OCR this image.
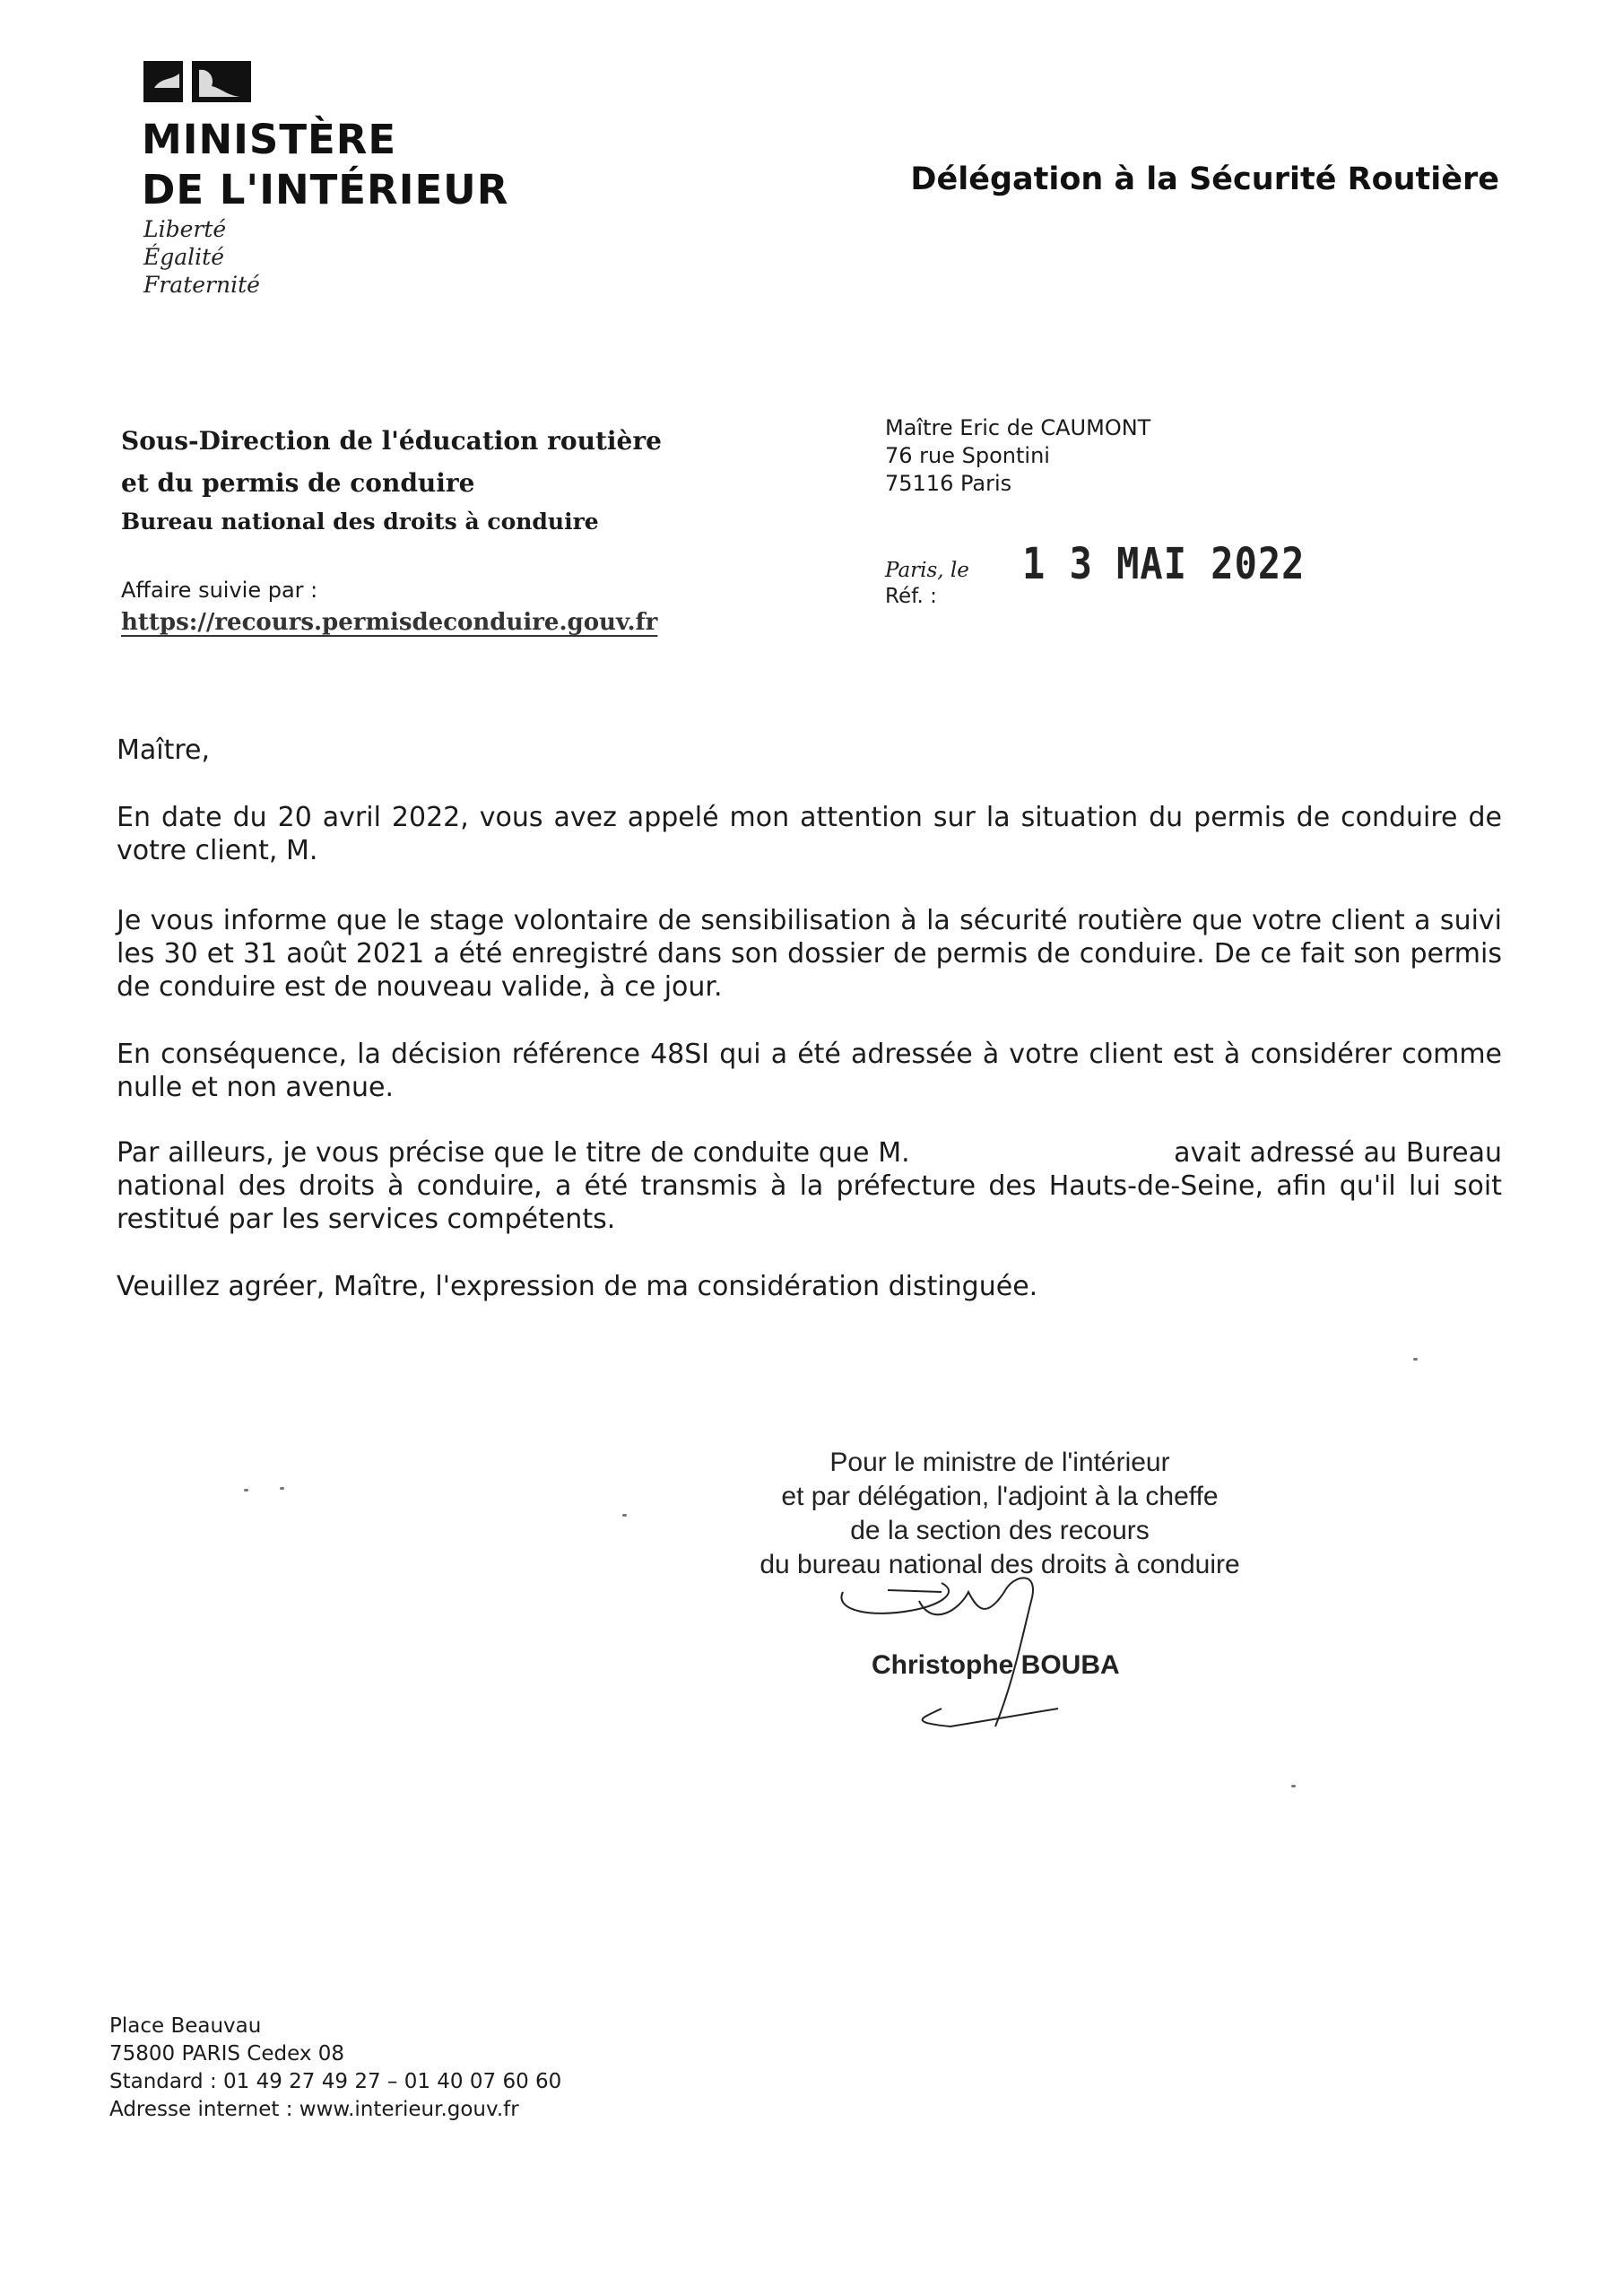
MINISTÈRE
DE L'INTÉRIEUR
Liberté
Égalité
Fraternité
Délégation à la Sécurité Routière
Sous-Direction de l'éducation routière
et du permis de conduire
Bureau national des droits à conduire
Affaire suivie par :
https://recours.permisdeconduire.gouv.fr
Maître Eric de CAUMONT
76 rue Spontini
75116 Paris
Paris, le
Réf. :
1 3 MAI 2022
Maître,
En date du 20 avril 2022, vous avez appelé mon attention sur la situation du permis de conduire de votre client, M.
Je vous informe que le stage volontaire de sensibilisation à la sécurité routière que votre client a suivi les 30 et 31 août 2021 a été enregistré dans son dossier de permis de conduire. De ce fait son permis de conduire est de nouveau valide, à ce jour.
En conséquence, la décision référence 48SI qui a été adressée à votre client est à considérer comme nulle et non avenue.
Par ailleurs, je vous précise que le titre de conduite que M.                              avait adressé au Bureau national des droits à conduire, a été transmis à la préfecture des Hauts-de-Seine, afin qu'il lui soit restitué par les services compétents.
Veuillez agréer, Maître, l'expression de ma considération distinguée.
Pour le ministre de l'intérieur
et par délégation, l'adjoint à la cheffe
de la section des recours
du bureau national des droits à conduire
Christophe BOUBA
Place Beauvau
75800 PARIS Cedex 08
Standard : 01 49 27 49 27 – 01 40 07 60 60
Adresse internet : www.interieur.gouv.fr
